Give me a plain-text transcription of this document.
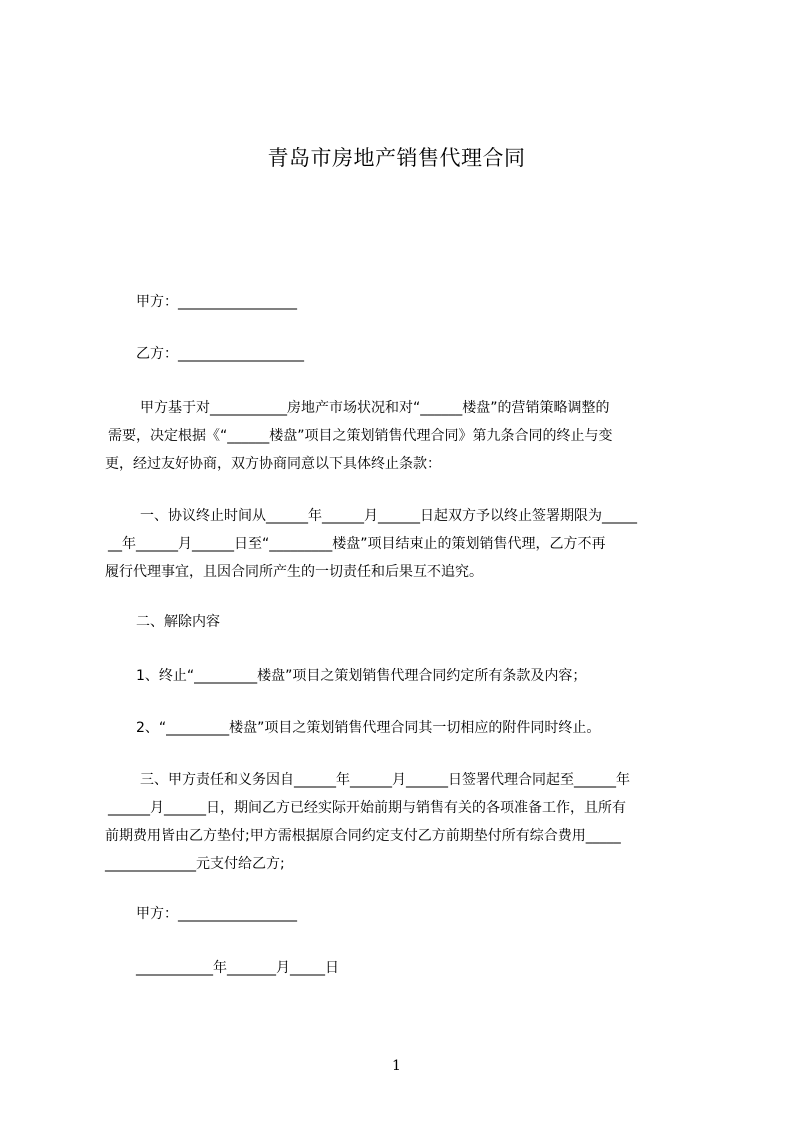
青岛市房地产销售代理合同
甲方：_________________
乙方：__________________
甲方基于对___________房地产市场状况和对“______楼盘”的营销策略调整的
需要，决定根据《“______楼盘”项目之策划销售代理合同》第九条合同的终止与变
更，经过友好协商，双方协商同意以下具体终止条款：
一、协议终止时间从______年______月______日起双方予以终止签署期限为_____
__年______月______日至“_________楼盘”项目结束止的策划销售代理，乙方不再
履行代理事宜，且因合同所产生的一切责任和后果互不追究。
二、解除内容
1、终止“_________楼盘”项目之策划销售代理合同约定所有条款及内容；
2、“_________楼盘”项目之策划销售代理合同其一切相应的附件同时终止。
三、甲方责任和义务因自______年______月______日签署代理合同起至______年
______月______日，期间乙方已经实际开始前期与销售有关的各项准备工作，且所有
前期费用皆由乙方垫付;甲方需根据原合同约定支付乙方前期垫付所有综合费用_____
_____________元支付给乙方;
甲方：_________________
___________年_______月_____日
1
